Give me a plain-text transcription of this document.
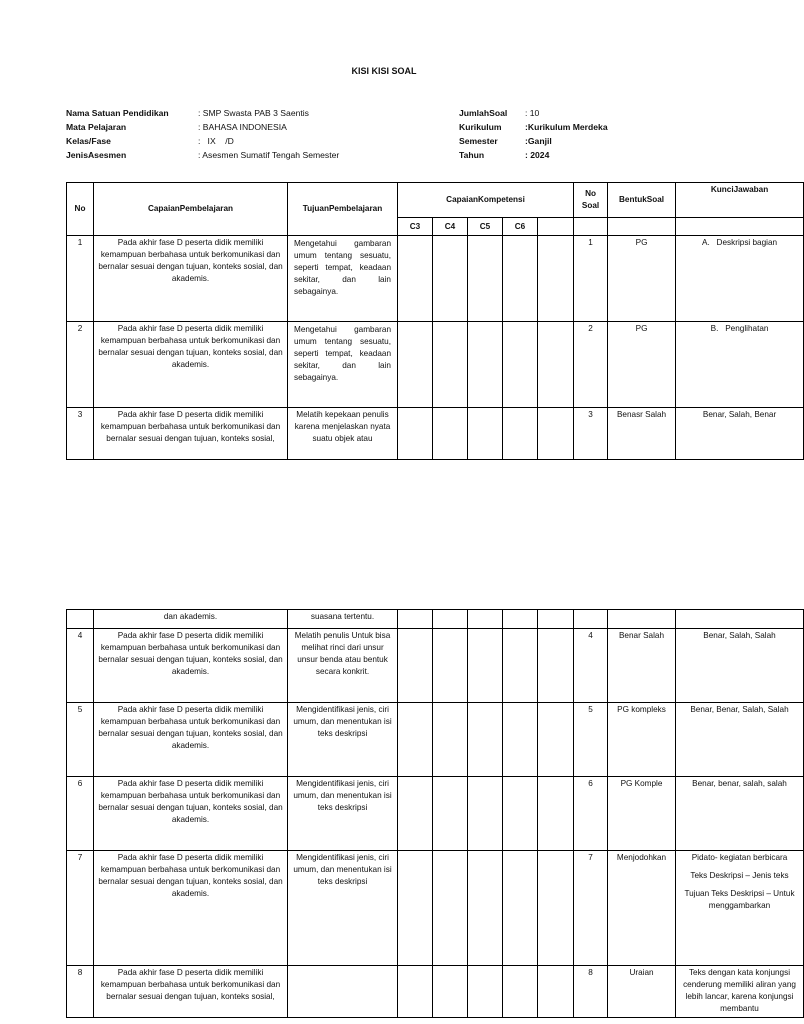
KISI KISI SOAL
Nama Satuan Pendidikan	: SMP Swasta PAB 3 Saentis
Mata Pelajaran	: BAHASA INDONESIA
Kelas/Fase	:   IX    /D
JenisAsesmen	: Asesmen Sumatif Tengah Semester
JumlahSoal	: 10
Kurikulum	:Kurikulum Merdeka
Semester	:Ganjil
Tahun	: 2024
No	CapaianPembelajaran	TujuanPembelajaran	CapaianKompetensi					No Soal	BentukSoal	KunciJawaban
			C3	C4	C5	C6				
1	Pada akhir fase D peserta didik memiliki kemampuan berbahasa untuk berkomunikasi dan bernalar sesuai dengan tujuan, konteks sosial, dan akademis.	Mengetahui gambaran umum tentang sesuatu, seperti tempat, keadaan sekitar, dan lain sebagainya.						1	PG	A.   Deskripsi bagian
2	Pada akhir fase D peserta didik memiliki kemampuan berbahasa untuk berkomunikasi dan bernalar sesuai dengan tujuan, konteks sosial, dan akademis.	Mengetahui gambaran umum tentang sesuatu, seperti tempat, keadaan sekitar, dan lain sebagainya.						2	PG	B.   Penglihatan
3	Pada akhir fase D peserta didik memiliki kemampuan berbahasa untuk berkomunikasi dan bernalar sesuai dengan tujuan, konteks sosial,	Melatih kepekaan penulis karena menjelaskan nyata suatu objek atau						3	Benasr Salah	Benar, Salah, Benar
	dan akademis.	suasana tertentu.								
4	Pada akhir fase D peserta didik memiliki kemampuan berbahasa untuk berkomunikasi dan bernalar sesuai dengan tujuan, konteks sosial, dan akademis.	Melatih penulis Untuk bisa melihat rinci dari unsur unsur benda atau bentuk secara konkrit.						4	Benar Salah	Benar, Salah, Salah
5	Pada akhir fase D peserta didik memiliki kemampuan berbahasa untuk berkomunikasi dan bernalar sesuai dengan tujuan, konteks sosial, dan akademis.	Mengidentifikasi jenis, ciri umum, dan menentukan isi teks deskripsi						5	PG kompleks	Benar, Benar, Salah, Salah
6	Pada akhir fase D peserta didik memiliki kemampuan berbahasa untuk berkomunikasi dan bernalar sesuai dengan tujuan, konteks sosial, dan akademis.	Mengidentifikasi jenis, ciri umum, dan menentukan isi teks deskripsi						6	PG Komple	Benar, benar, salah, salah
7	Pada akhir fase D peserta didik memiliki kemampuan berbahasa untuk berkomunikasi dan bernalar sesuai dengan tujuan, konteks sosial, dan akademis.	Mengidentifikasi jenis, ciri umum, dan menentukan isi teks deskripsi						7	Menjodohkan	Pidato- kegiatan berbicara
Teks Deskripsi – Jenis teks
Tujuan Teks Deskripsi – Untuk menggambarkan

8	Pada akhir fase D peserta didik memiliki kemampuan berbahasa untuk berkomunikasi dan bernalar sesuai dengan tujuan, konteks sosial,							8	Uraian	Teks dengan kata konjungsi cenderung memiliki aliran yang lebih lancar, karena konjungsi membantu
